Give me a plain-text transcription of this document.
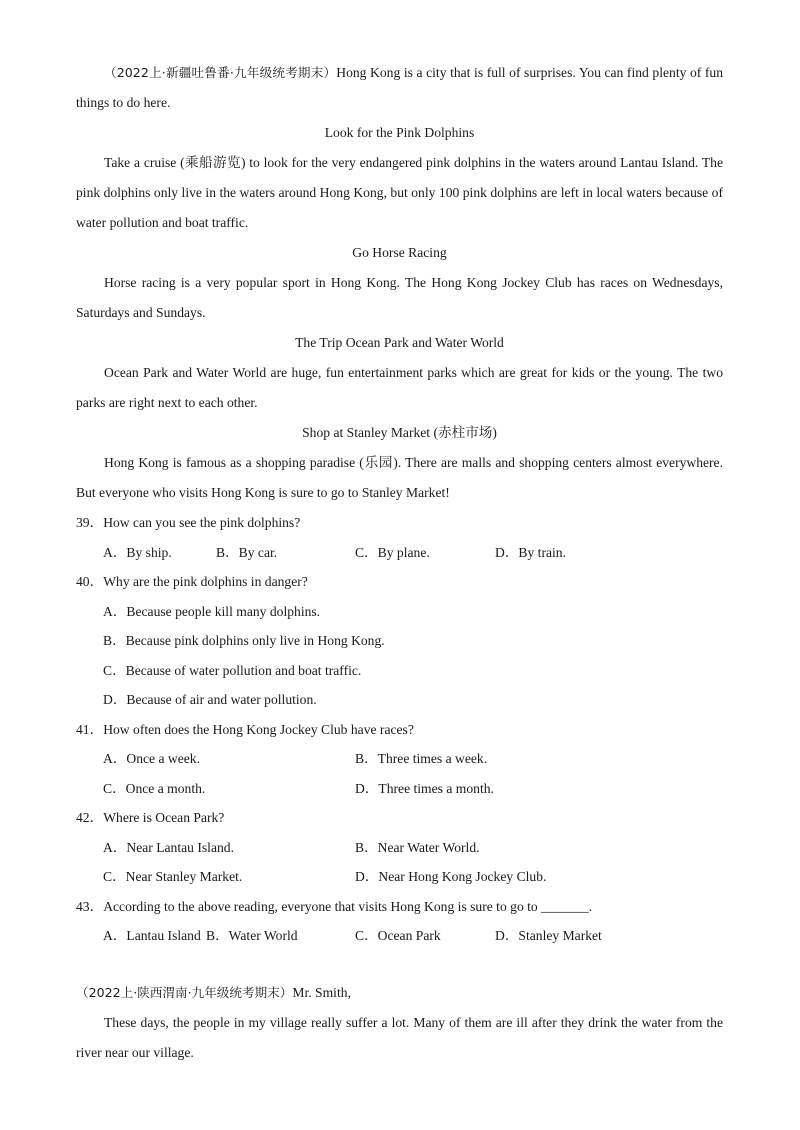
（2022上·新疆吐鲁番·九年级统考期末）Hong Kong is a city that is full of surprises. You can find plenty of fun things to do here.

Look for the Pink Dolphins

Take a cruise (乘船游览) to look for the very endangered pink dolphins in the waters around Lantau Island. The pink dolphins only live in the waters around Hong Kong, but only 100 pink dolphins are left in local waters because of water pollution and boat traffic.

Go Horse Racing

Horse racing is a very popular sport in Hong Kong. The Hong Kong Jockey Club has races on Wednesdays, Saturdays and Sundays.

The Trip Ocean Park and Water World

Ocean Park and Water World are huge, fun entertainment parks which are great for kids or the young. The two parks are right next to each other.

Shop at Stanley Market (赤柱市场)

Hong Kong is famous as a shopping paradise (乐园). There are malls and shopping centers almost everywhere. But everyone who visits Hong Kong is sure to go to Stanley Market!

39．How can you see the pink dolphins?

A．By ship.	B．By car.	C．By plane.	D．By train.

40．Why are the pink dolphins in danger?

A．Because people kill many dolphins.

B．Because pink dolphins only live in Hong Kong.

C．Because of water pollution and boat traffic.

D．Because of air and water pollution.

41．How often does the Hong Kong Jockey Club have races?

A．Once a week.	B．Three times a week.
C．Once a month.	D．Three times a month.

42．Where is Ocean Park?

A．Near Lantau Island.	B．Near Water World.
C．Near Stanley Market.	D．Near Hong Kong Jockey Club.

43．According to the above reading, everyone that visits Hong Kong is sure to go to _______.

A．Lantau Island B．Water World	C．Ocean Park	D．Stanley Market

（2022上·陕西渭南·九年级统考期末）Mr. Smith,

These days, the people in my village really suffer a lot. Many of them are ill after they drink the water from the river near our village.
